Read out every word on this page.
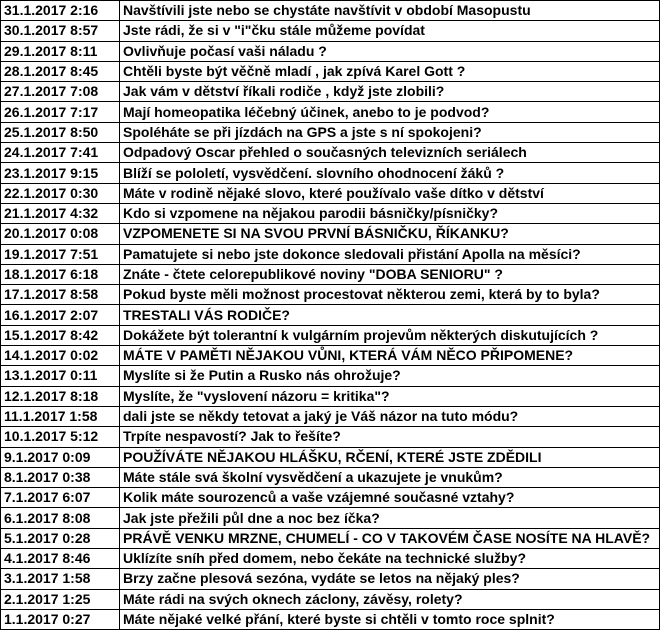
31.1.2017 2:16	Navštívili jste nebo se chystáte navštívit v období Masopustu
30.1.2017 8:57	Jste rádi, že si v "i"čku stále můžeme povídat
29.1.2017 8:11	Ovlivňuje počasí vaši náladu ?
28.1.2017 8:45	Chtěli byste být věčně mladí , jak zpívá Karel Gott ?
27.1.2017 7:08	Jak vám v dětství říkali rodiče , když jste zlobili?
26.1.2017 7:17	Mají homeopatika léčebný účinek, anebo to je podvod?
25.1.2017 8:50	Spoléháte se při jízdách na GPS a jste s ní spokojeni?
24.1.2017 7:41	Odpadový Oscar přehled o současných televizních seriálech
23.1.2017 9:15	Blíží se pololetí, vysvědčení. slovního ohodnocení žáků ?
22.1.2017 0:30	Máte v rodině nějaké slovo, které používalo vaše dítko v dětství
21.1.2017 4:32	Kdo si vzpomene na nějakou parodii básničky/písničky?
20.1.2017 0:08	VZPOMENETE SI NA SVOU PRVNÍ BÁSNIČKU, ŘÍKANKU?
19.1.2017 7:51	Pamatujete si nebo jste dokonce sledovali přistání Apolla na měsíci?
18.1.2017 6:18	Znáte - čtete celorepublikové noviny "DOBA SENIORU" ?
17.1.2017 8:58	Pokud byste měli možnost procestovat některou zemi, která by to byla?
16.1.2017 2:07	TRESTALI VÁS RODIČE?
15.1.2017 8:42	Dokážete být tolerantní k vulgárním projevům některých diskutujících ?
14.1.2017 0:02	MÁTE V PAMĚTI NĚJAKOU VŮNI, KTERÁ VÁM NĚCO PŘIPOMENE?
13.1.2017 0:11	Myslíte si že Putin a Rusko nás ohrožuje?
12.1.2017 8:18	Myslíte, že "vyslovení názoru = kritika"?
11.1.2017 1:58	dali jste se někdy tetovat a jaký je Váš názor na tuto módu?
10.1.2017 5:12	Trpíte nespavostí? Jak to řešíte?
9.1.2017 0:09	POUŽÍVÁTE NĚJAKOU HLÁŠKU, RČENÍ, KTERÉ JSTE ZDĚDILI
8.1.2017 0:38	Máte stále svá školní vysvědčení a ukazujete je vnukům?
7.1.2017 6:07	Kolik máte sourozenců a vaše vzájemné současné vztahy?
6.1.2017 8:08	Jak jste přežili půl dne a noc bez íčka?
5.1.2017 0:28	PRÁVĚ VENKU MRZNE, CHUMELÍ - CO V TAKOVÉM ČASE NOSÍTE NA HLAVĚ?
4.1.2017 8:46	Uklízíte sníh před domem, nebo čekáte na technické služby?
3.1.2017 1:58	Brzy začne plesová sezóna, vydáte se letos na nějaký ples?
2.1.2017 1:25	Máte rádi na svých oknech záclony, závěsy, rolety?
1.1.2017 0:27	Máte nějaké velké přání, které byste si chtěli v tomto roce splnit?
